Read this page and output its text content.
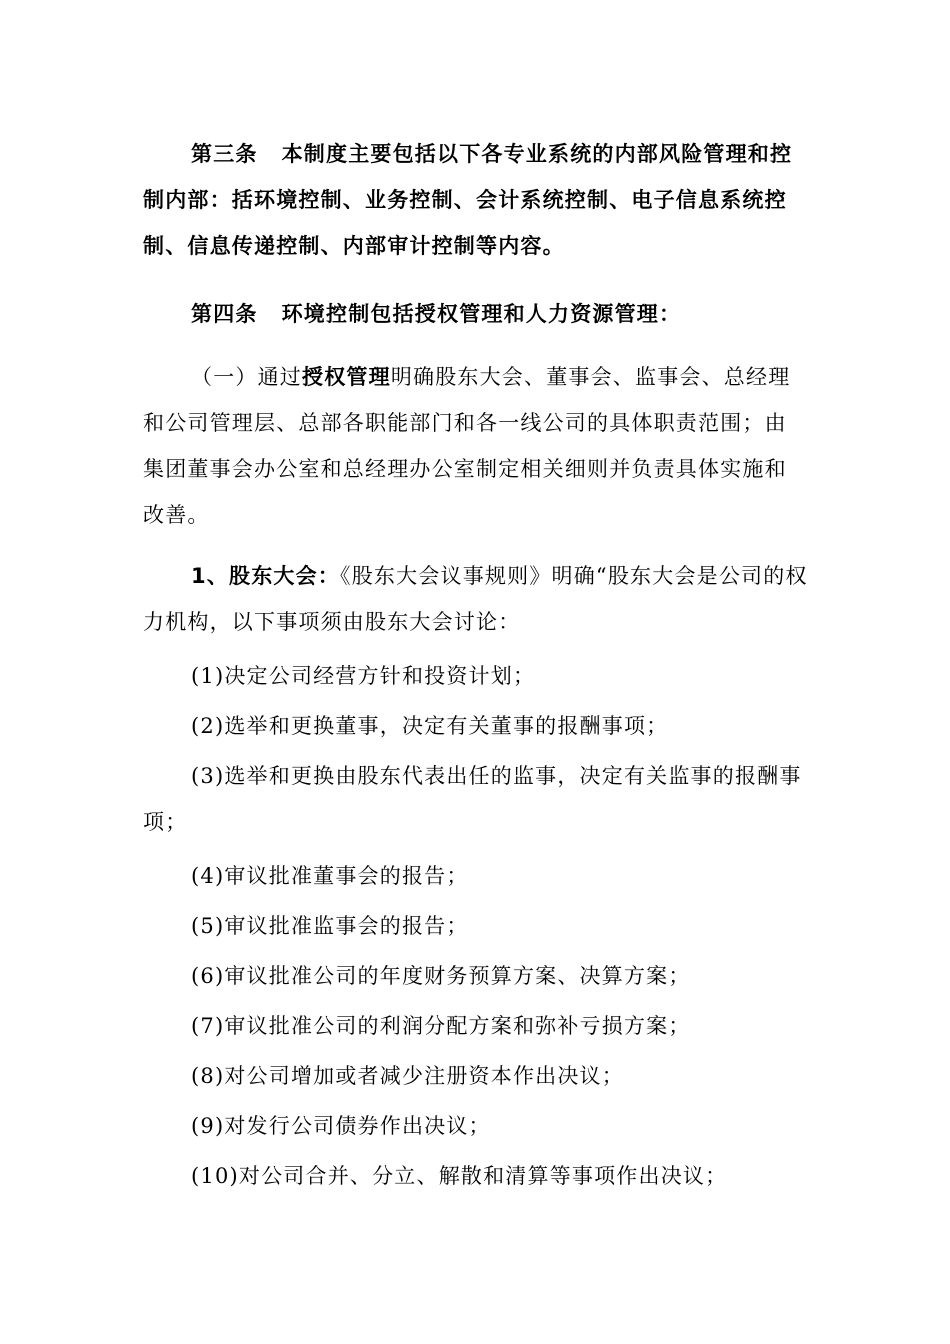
第三条 本制度主要包括以下各专业系统的内部风险管理和控制内部：括环境控制、业务控制、会计系统控制、电子信息系统控制、信息传递控制、内部审计控制等内容。

第四条 环境控制包括授权管理和人力资源管理：

（一）通过授权管理明确股东大会、董事会、监事会、总经理和公司管理层、总部各职能部门和各一线公司的具体职责范围；由集团董事会办公室和总经理办公室制定相关细则并负责具体实施和改善。

1、股东大会：《股东大会议事规则》明确“股东大会是公司的权力机构，以下事项须由股东大会讨论：

(1)决定公司经营方针和投资计划；

(2)选举和更换董事，决定有关董事的报酬事项；

(3)选举和更换由股东代表出任的监事，决定有关监事的报酬事项；

(4)审议批准董事会的报告；

(5)审议批准监事会的报告；

(6)审议批准公司的年度财务预算方案、决算方案；

(7)审议批准公司的利润分配方案和弥补亏损方案；

(8)对公司增加或者减少注册资本作出决议；

(9)对发行公司债券作出决议；

(10)对公司合并、分立、解散和清算等事项作出决议；
